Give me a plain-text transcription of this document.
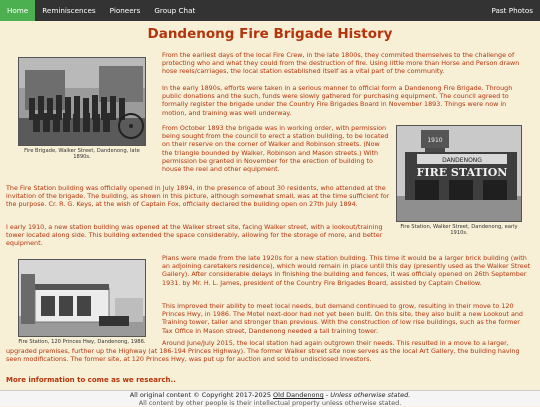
Home	Reminiscences	Pioneers	Group Chat	Past Photos
Dandenong Fire Brigade History
Fire Brigade, Walker Street, Dandenong, late 1890s.
1910
DANDENONG
FIRE STATION
Fire Station, Walker Street, Dandenong, early 1910s.
Fire Station, 120 Princes Hwy, Dandenong, 1986.

From the earliest days of the local Fire Crew, in the late 1800s, they commited themselves to the challenge of protecting who and what they could from the destruction of fire. Using little more than Horse and Person drawn hose reels/carriages, the local station established itself as a vital part of the community.

In the early 1890s, efforts were taken in a serious manner to official form a Dandenong Fire Brigade. Through public donations and the such, funds were slowly gathered for purchasing equipment. The council agreed to formally register the brigade under the Country Fire Brigades Board in November 1893. Things were now in motion, and training was well underway.

From October 1893 the brigade was in working order, with permission being sought from the council to erect a station building, to be located on their reserve on the corner of Walker and Robinson streets. (Now the triangle bounded by Walker, Robinson and Mason streets.) With permission be granted in November for the erection of building to house the reel and other equipment.

The Fire Station building was officially opened in July 1894, in the presence of about 30 residents, who attended at the invitation of the brigade. The building, as shown in this picture, although somewhat small, was at the time sufficient for the purpose. Cr. R. G. Keys, at the wish of Captain Fox, officially declared the building open on 27th July 1894.

I early 1910, a new station building was opened at the Walker street site, facing Walker street, with a lookout/training tower located along side. This building extended the space considerably, allowing for the storage of more, and better equipment.

Plans were made from the late 1920s for a new station building. This time it would be a larger brick building (with an adjoining caretakers residence), which would remain in place until this day (presently used as the Walker Street Gallery). After considerable delays in finishing the building and fences, it was officialy opened on 26th September 1931. by Mr. H. L. James, president of the Country Fire Brigades Board, assisted by Captain Chellow.

This improved their ability to meet local needs, but demand continued to grow, resulting in their move to 120 Princes Hwy, in 1986. The Motel next-door had not yet been built. On this site, they also built a new Lookout and Training tower, taller and stronger than previous. With the construction of low rise buildings, such as the former Tax Office in Mason street, Dandenong needed a tall training tower.

Around June/July 2015, the local station had again outgrown their needs. This resulted in a move to a larger, upgraded premises, further up the Highway (at 186-194 Princes Highway). The former Walker street site now serves as the local Art Gallery, the building having seen modifications. The former site, at 120 Princes Hwy, was put up for auction and sold to undisclosed investors.

More information to come as we research..
All original content © Copyright 2017-2025 Old Dandenong - Unless otherwise stated.
All content by other people is their intellectual property unless otherwise stated.
